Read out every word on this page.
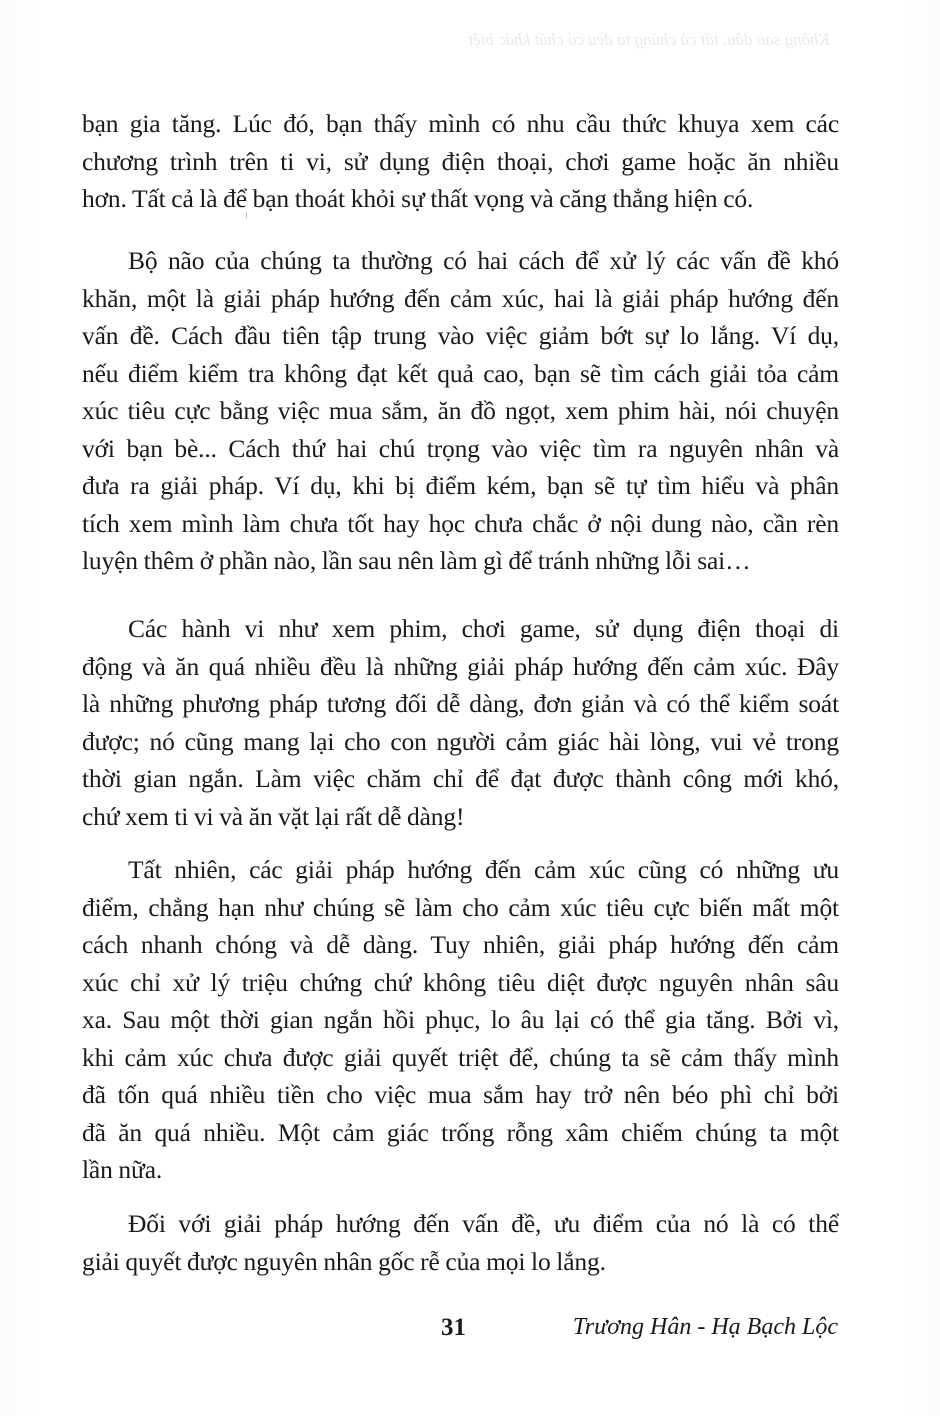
Không sao đâu, tất cả chúng ta đều có chút khác biệt
bạn gia tăng. Lúc đó, bạn thấy mình có nhu cầu thức khuya xem các
chương trình trên ti vi, sử dụng điện thoại, chơi game hoặc ăn nhiều
hơn. Tất cả là để bạn thoát khỏi sự thất vọng và căng thẳng hiện có.
Bộ não của chúng ta thường có hai cách để xử lý các vấn đề khó
khăn, một là giải pháp hướng đến cảm xúc, hai là giải pháp hướng đến
vấn đề. Cách đầu tiên tập trung vào việc giảm bớt sự lo lắng. Ví dụ,
nếu điểm kiểm tra không đạt kết quả cao, bạn sẽ tìm cách giải tỏa cảm
xúc tiêu cực bằng việc mua sắm, ăn đồ ngọt, xem phim hài, nói chuyện
với bạn bè... Cách thứ hai chú trọng vào việc tìm ra nguyên nhân và
đưa ra giải pháp. Ví dụ, khi bị điểm kém, bạn sẽ tự tìm hiểu và phân
tích xem mình làm chưa tốt hay học chưa chắc ở nội dung nào, cần rèn
luyện thêm ở phần nào, lần sau nên làm gì để tránh những lỗi sai…
Các hành vi như xem phim, chơi game, sử dụng điện thoại di
động và ăn quá nhiều đều là những giải pháp hướng đến cảm xúc. Đây
là những phương pháp tương đối dễ dàng, đơn giản và có thể kiểm soát
được; nó cũng mang lại cho con người cảm giác hài lòng, vui vẻ trong
thời gian ngắn. Làm việc chăm chỉ để đạt được thành công mới khó,
chứ xem ti vi và ăn vặt lại rất dễ dàng!
Tất nhiên, các giải pháp hướng đến cảm xúc cũng có những ưu
điểm, chẳng hạn như chúng sẽ làm cho cảm xúc tiêu cực biến mất một
cách nhanh chóng và dễ dàng. Tuy nhiên, giải pháp hướng đến cảm
xúc chỉ xử lý triệu chứng chứ không tiêu diệt được nguyên nhân sâu
xa. Sau một thời gian ngắn hồi phục, lo âu lại có thể gia tăng. Bởi vì,
khi cảm xúc chưa được giải quyết triệt để, chúng ta sẽ cảm thấy mình
đã tốn quá nhiều tiền cho việc mua sắm hay trở nên béo phì chỉ bởi
đã ăn quá nhiều. Một cảm giác trống rỗng xâm chiếm chúng ta một
lần nữa.
Đối với giải pháp hướng đến vấn đề, ưu điểm của nó là có thể
giải quyết được nguyên nhân gốc rễ của mọi lo lắng.
31	Trương Hân - Hạ Bạch Lộc
